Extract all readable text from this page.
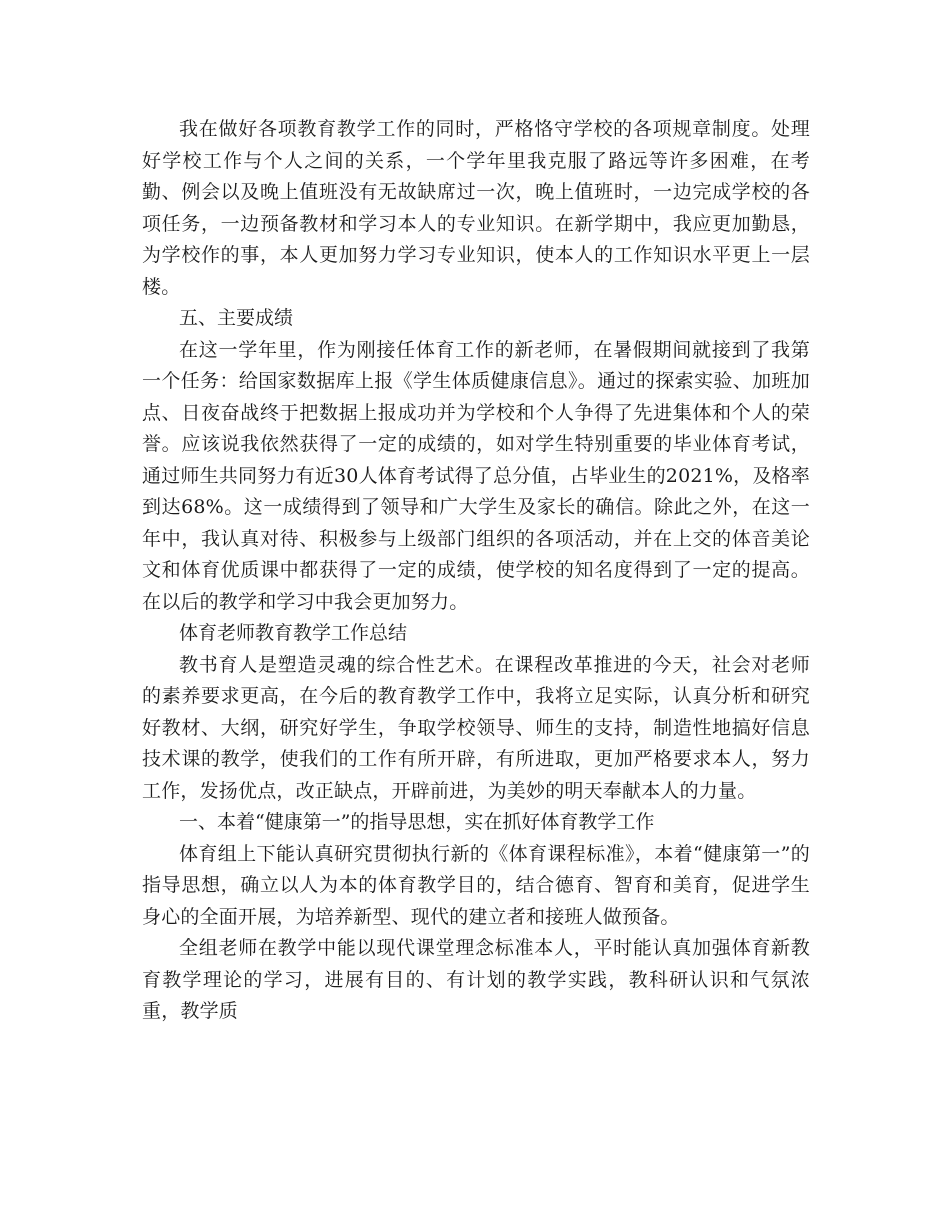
我在做好各项教育教学工作的同时，严格恪守学校的各项规章制度。处理好学校工作与个人之间的关系，一个学年里我克服了路远等许多困难，在考勤、例会以及晚上值班没有无故缺席过一次，晚上值班时，一边完成学校的各项任务，一边预备教材和学习本人的专业知识。在新学期中，我应更加勤恳，为学校作的事，本人更加努力学习专业知识，使本人的工作知识水平更上一层楼。

五、主要成绩

在这一学年里，作为刚接任体育工作的新老师，在暑假期间就接到了我第一个任务：给国家数据库上报《学生体质健康信息》。通过的探索实验、加班加点、日夜奋战终于把数据上报成功并为学校和个人争得了先进集体和个人的荣誉。应该说我依然获得了一定的成绩的，如对学生特别重要的毕业体育考试，通过师生共同努力有近30人体育考试得了总分值，占毕业生的2021%，及格率到达68%。这一成绩得到了领导和广大学生及家长的确信。除此之外，在这一年中，我认真对待、积极参与上级部门组织的各项活动，并在上交的体音美论文和体育优质课中都获得了一定的成绩，使学校的知名度得到了一定的提高。在以后的教学和学习中我会更加努力。

体育老师教育教学工作总结

教书育人是塑造灵魂的综合性艺术。在课程改革推进的今天，社会对老师的素养要求更高，在今后的教育教学工作中，我将立足实际，认真分析和研究好教材、大纲，研究好学生，争取学校领导、师生的支持，制造性地搞好信息技术课的教学，使我们的工作有所开辟，有所进取，更加严格要求本人，努力工作，发扬优点，改正缺点，开辟前进，为美妙的明天奉献本人的力量。

一、本着“健康第一”的指导思想，实在抓好体育教学工作

体育组上下能认真研究贯彻执行新的《体育课程标准》，本着“健康第一”的指导思想，确立以人为本的体育教学目的，结合德育、智育和美育，促进学生身心的全面开展，为培养新型、现代的建立者和接班人做预备。

全组老师在教学中能以现代课堂理念标准本人，平时能认真加强体育新教育教学理论的学习，进展有目的、有计划的教学实践，教科研认识和气氛浓重，教学质
